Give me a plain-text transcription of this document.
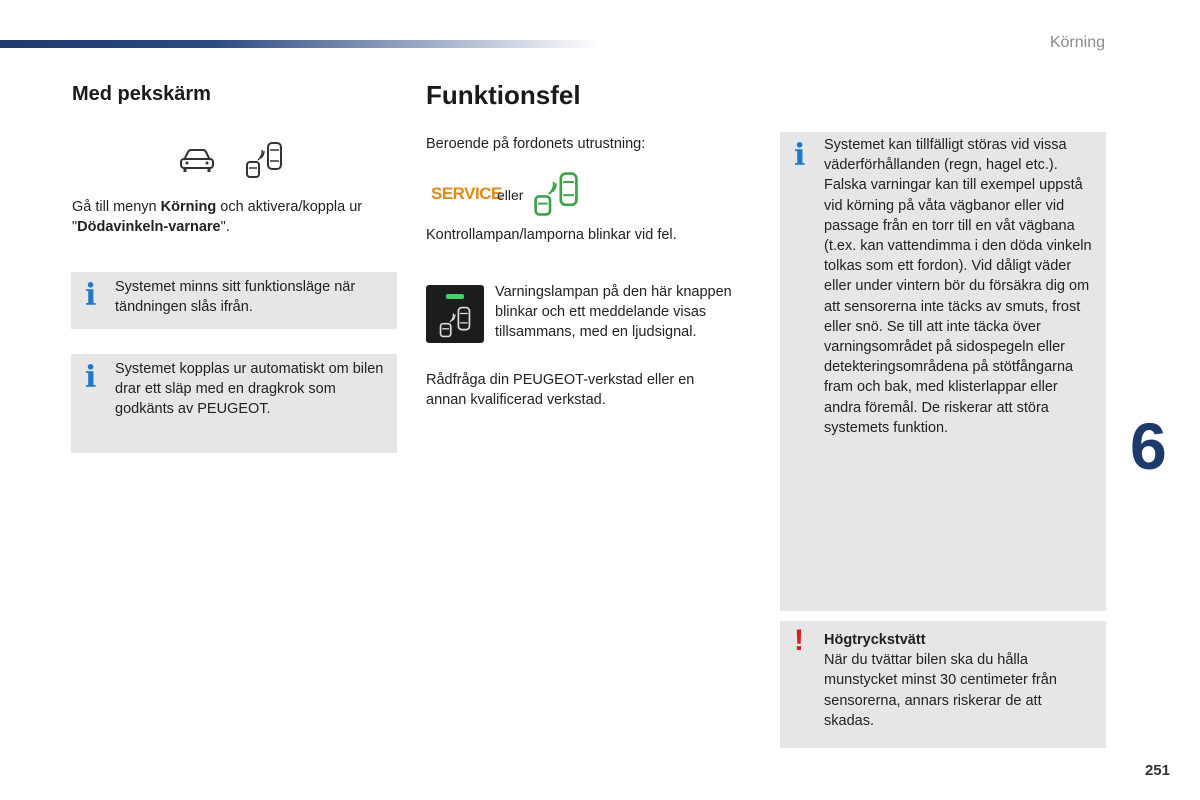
Körning
Med pekskärm
Gå till menyn Körning och aktivera/koppla ur
"Dödavinkeln-varnare".
i Systemet minns sitt funktionsläge när tändningen slås ifrån.
i Systemet kopplas ur automatiskt om bilen drar ett släp med en dragkrok som godkänts av PEUGEOT.
Funktionsfel
Beroende på fordonets utrustning:
SERVICE
eller
Kontrollampan/lamporna blinkar vid fel.
Varningslampan på den här knappen blinkar och ett meddelande visas tillsammans, med en ljudsignal.
Rådfråga din PEUGEOT-verkstad eller en annan kvalificerad verkstad.
i Systemet kan tillfälligt störas vid vissa väderförhållanden (regn, hagel etc.). Falska varningar kan till exempel uppstå vid körning på våta vägbanor eller vid passage från en torr till en våt vägbana (t.ex. kan vattendimma i den döda vinkeln tolkas som ett fordon). Vid dåligt väder eller under vintern bör du försäkra dig om att sensorerna inte täcks av smuts, frost eller snö. Se till att inte täcka över varningsområdet på sidospegeln eller detekteringsområdena på stötfångarna fram och bak, med klisterlappar eller andra föremål. De riskerar att störa systemets funktion.
! Högtryckstvätt
När du tvättar bilen ska du hålla munstycket minst 30 centimeter från sensorerna, annars riskerar de att skadas.
6
251
